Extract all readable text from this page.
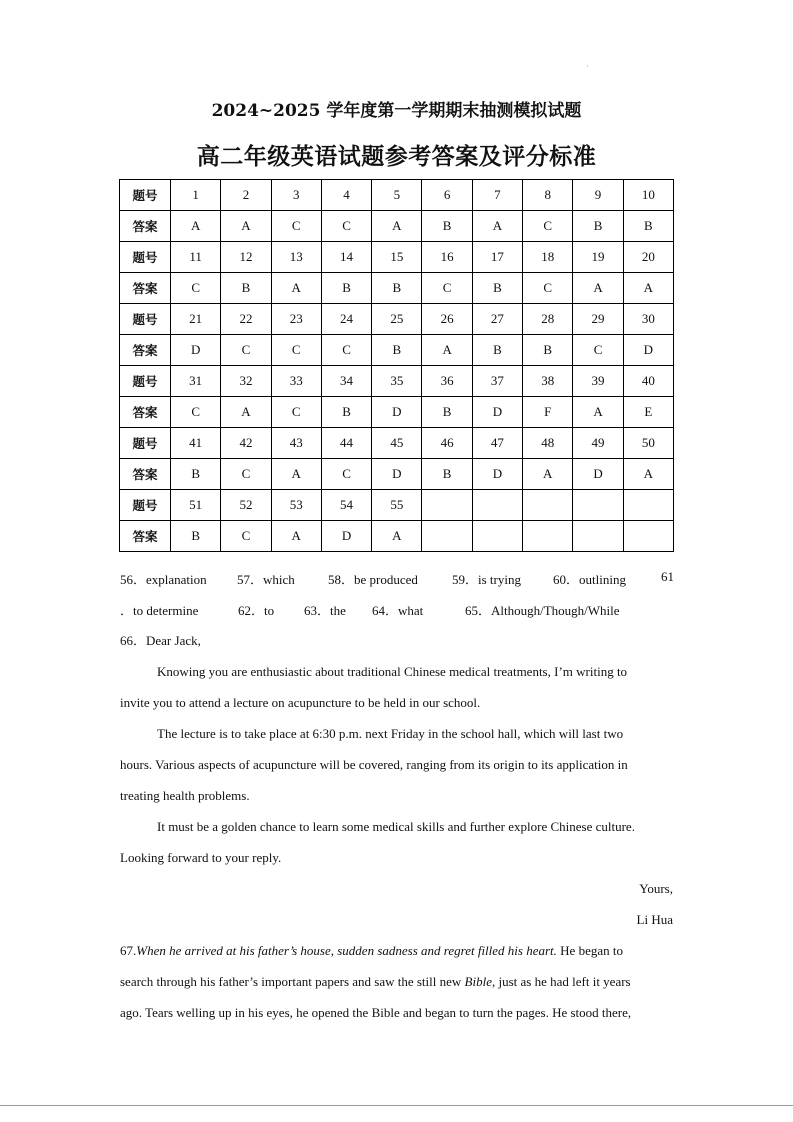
·
2024~2025 学年度第一学期期末抽测模拟试题
高二年级英语试题参考答案及评分标准
题号	1	2	3	4	5	6	7	8	9	10
答案	A	A	C	C	A	B	A	C	B	B
题号	11	12	13	14	15	16	17	18	19	20
答案	C	B	A	B	B	C	B	C	A	A
题号	21	22	23	24	25	26	27	28	29	30
答案	D	C	C	C	B	A	B	B	C	D
题号	31	32	33	34	35	36	37	38	39	40
答案	C	A	C	B	D	B	D	F	A	E
题号	41	42	43	44	45	46	47	48	49	50
答案	B	C	A	C	D	B	D	A	D	A
题号	51	52	53	54	55					
答案	B	C	A	D	A					
56．explanation 57．which	58．be produced	59．is trying 60．outlining	61
．to determine	62．to 63．the 64．what	65．Although/Though/While
66．Dear Jack,
Knowing you are enthusiastic about traditional Chinese medical treatments, I’m writing to
invite you to attend a lecture on acupuncture to be held in our school.
The lecture is to take place at 6:30 p.m. next Friday in the school hall, which will last two
hours. Various aspects of acupuncture will be covered, ranging from its origin to its application in
treating health problems.
It must be a golden chance to learn some medical skills and further explore Chinese culture.
Looking forward to your reply.
Yours,
Li Hua
67.When he arrived at his father’s house, sudden sadness and regret filled his heart. He began to
search through his father’s important papers and saw the still new Bible, just as he had left it years
ago. Tears welling up in his eyes, he opened the Bible and began to turn the pages. He stood there,
